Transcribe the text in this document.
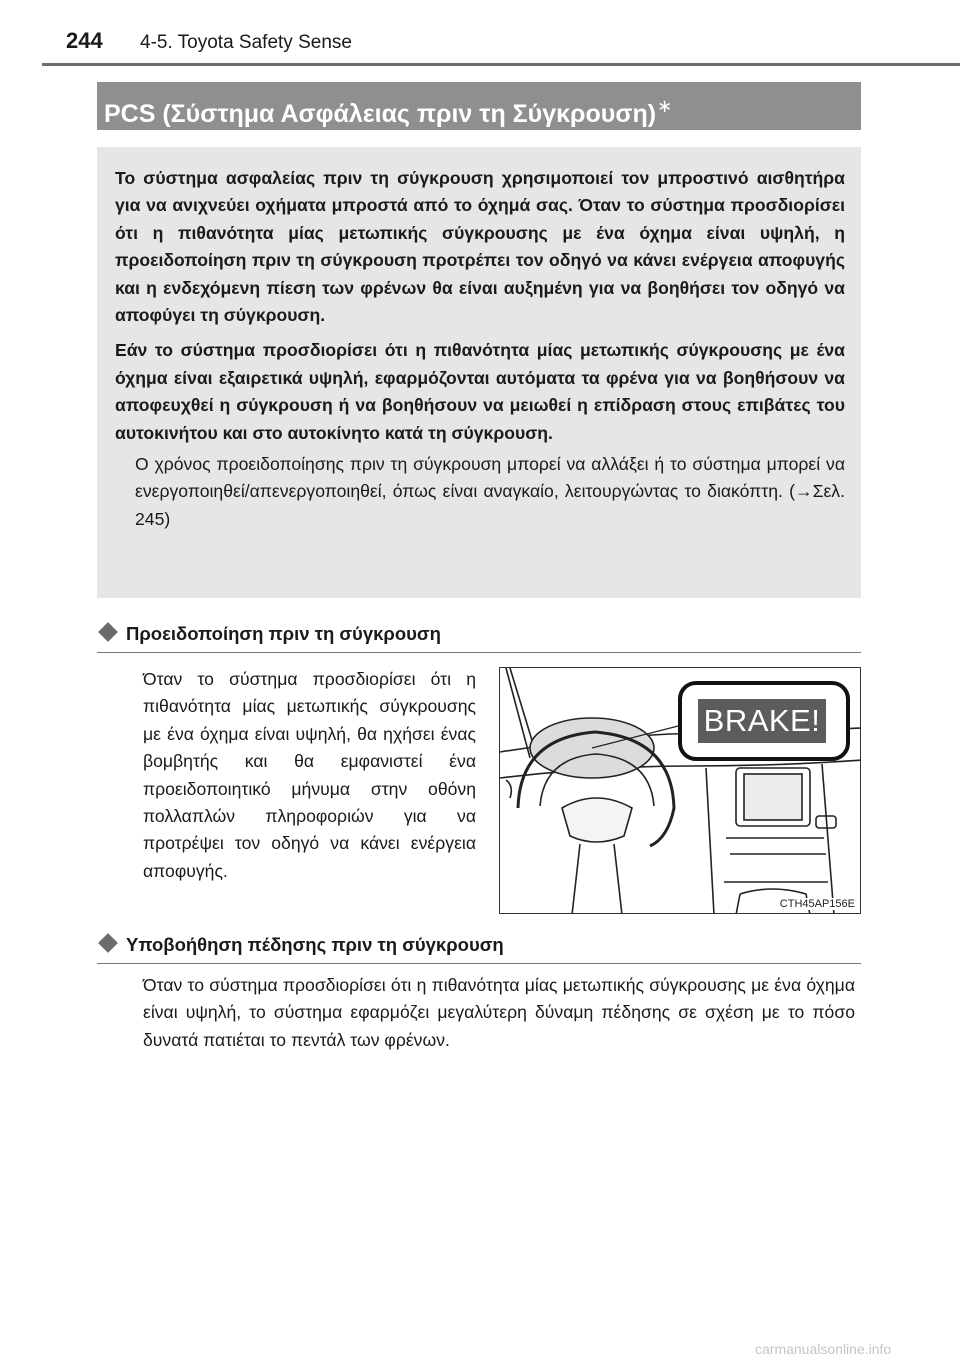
244 4-5. Toyota Safety Sense
PCS (Σύστημα Ασφάλειας πριν τη Σύγκρουση)∗

Το σύστημα ασφαλείας πριν τη σύγκρουση χρησιμοποιεί τον μπροστινό αισθητήρα για να ανιχνεύει οχήματα μπροστά από το όχημά σας. Όταν το σύστημα προσδιορίσει ότι η πιθανότητα μίας μετωπικής σύγκρουσης με ένα όχημα είναι υψηλή, η προειδοποίηση πριν τη σύγκρουση προτρέπει τον οδηγό να κάνει ενέργεια αποφυγής και η ενδεχόμενη πίεση των φρένων θα είναι αυξημένη για να βοηθήσει τον οδηγό να αποφύγει τη σύγκρουση.

Εάν το σύστημα προσδιορίσει ότι η πιθανότητα μίας μετωπικής σύγκρουσης με ένα όχημα είναι εξαιρετικά υψηλή, εφαρμόζονται αυτόματα τα φρένα για να βοηθήσουν να αποφευχθεί η σύγκρουση ή να βοηθήσουν να μειωθεί η επίδραση στους επιβάτες του αυτοκινήτου και στο αυτοκίνητο κατά τη σύγκρουση.

Ο χρόνος προειδοποίησης πριν τη σύγκρουση μπορεί να αλλάξει ή το σύστημα μπορεί να ενεργοποιηθεί/απενεργοποιηθεί, όπως είναι αναγκαίο, λειτουργώντας το διακόπτη. (→Σελ. 245)

Προειδοποίηση πριν τη σύγκρουση

Όταν το σύστημα προσδιορίσει ότι η πιθανότητα μίας μετωπικής σύγκρουσης με ένα όχημα είναι υψηλή, θα ηχήσει ένας βομβητής και θα εμφανιστεί ένα προειδοποιητικό μήνυμα στην οθόνη πολλαπλών πληροφοριών για να προτρέψει τον οδηγό να κάνει ενέργεια αποφυγής.

BRAKE!
CTH45AP156E
Υποβοήθηση πέδησης πριν τη σύγκρουση

Όταν το σύστημα προσδιορίσει ότι η πιθανότητα μίας μετωπικής σύγκρουσης με ένα όχημα είναι υψηλή, το σύστημα εφαρμόζει μεγαλύτερη δύναμη πέδησης σε σχέση με το πόσο δυνατά πατιέται το πεντάλ των φρένων.

carmanualsonline.info
